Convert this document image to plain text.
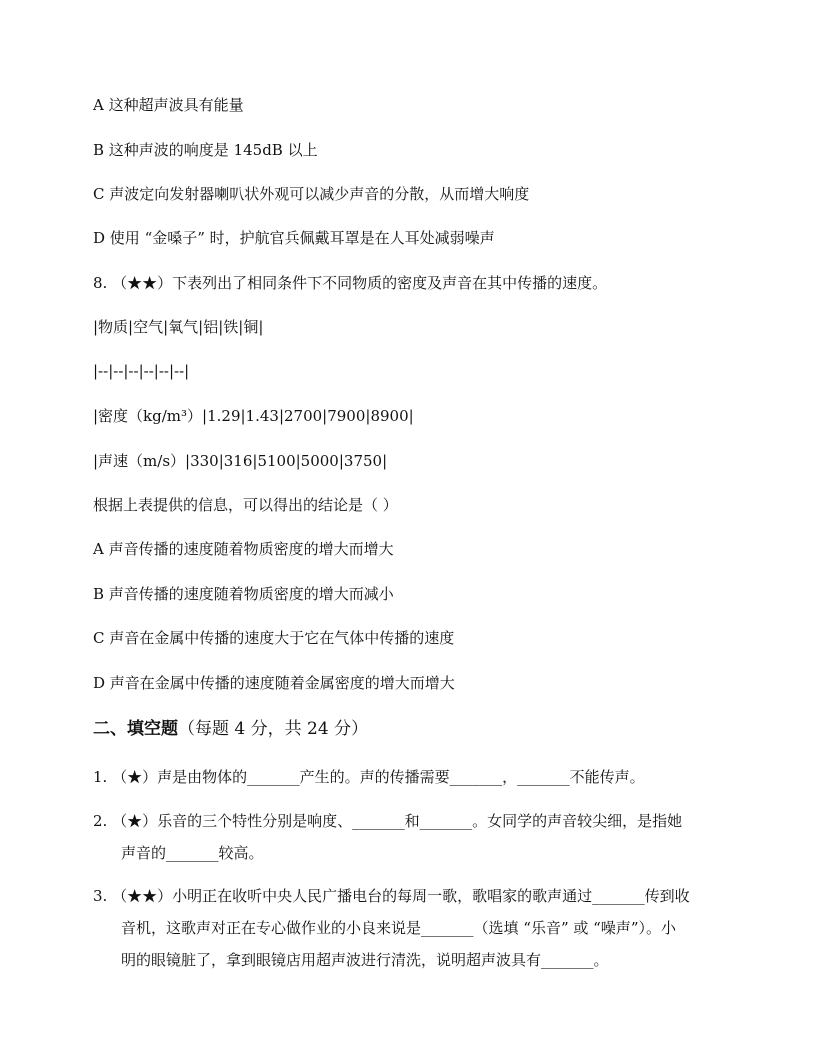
A 这种超声波具有能量
B 这种声波的响度是 145dB 以上
C 声波定向发射器喇叭状外观可以减少声音的分散，从而增大响度
D 使用 “金嗓子” 时，护航官兵佩戴耳罩是在人耳处减弱噪声
8. （★★）下表列出了相同条件下不同物质的密度及声音在其中传播的速度。
|物质|空气|氧气|铝|铁|铜|
|--|--|--|--|--|--|
|密度（kg/m³）|1.29|1.43|2700|7900|8900|
|声速（m/s）|330|316|5100|5000|3750|
根据上表提供的信息，可以得出的结论是（ ）
A 声音传播的速度随着物质密度的增大而增大
B 声音传播的速度随着物质密度的增大而减小
C 声音在金属中传播的速度大于它在气体中传播的速度
D 声音在金属中传播的速度随着金属密度的增大而增大
二、填空题（每题 4 分，共 24 分）
1. （★）声是由物体的_______产生的。声的传播需要_______，_______不能传声。
2. （★）乐音的三个特性分别是响度、_______和_______。女同学的声音较尖细，是指她
声音的_______较高。
3. （★★）小明正在收听中央人民广播电台的每周一歌，歌唱家的歌声通过_______传到收
音机，这歌声对正在专心做作业的小良来说是_______（选填 “乐音” 或 “噪声”）。小
明的眼镜脏了，拿到眼镜店用超声波进行清洗，说明超声波具有_______。
